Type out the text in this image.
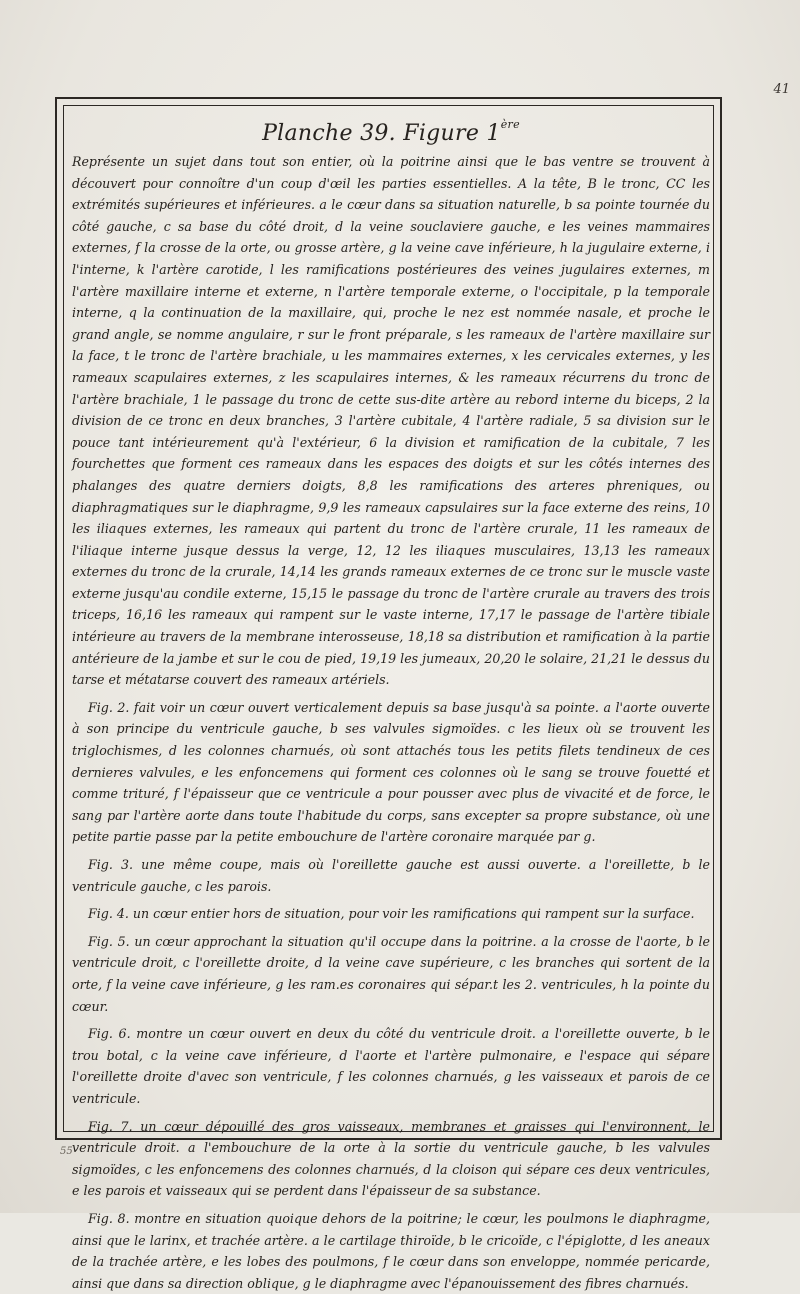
41
Planche 39. Figure 1ère

Représente un sujet dans tout son entier, où la poitrine ainsi que le bas ventre se trouvent à découvert pour connoître d'un coup d'œil les parties essentielles. A la tête, B le tronc, CC les extrémités supérieures et inférieures. a le cœur dans sa situation naturelle, b sa pointe tournée du côté gauche, c sa base du côté droit, d la veine souclaviere gauche, e les veines mammaires externes, f la crosse de la orte, ou grosse artère, g la veine cave inférieure, h la jugulaire externe, i l'interne, k l'artère carotide, l les ramifications postérieures des veines jugulaires externes, m l'artère maxillaire interne et externe, n l'artère temporale externe, o l'occipitale, p la temporale interne, q la continuation de la maxillaire, qui, proche le nez est nommée nasale, et proche le grand angle, se nomme angulaire, r sur le front préparale, s les rameaux de l'artère maxillaire sur la face, t le tronc de l'artère brachiale, u les mammaires externes, x les cervicales externes, y les rameaux scapulaires externes, z les scapulaires internes, & les rameaux récurrens du tronc de l'artère brachiale, 1 le passage du tronc de cette sus-dite artère au rebord interne du biceps, 2 la division de ce tronc en deux branches, 3 l'artère cubitale, 4 l'artère radiale, 5 sa division sur le pouce tant intérieurement qu'à l'extérieur, 6 la division et ramification de la cubitale, 7 les fourchettes que forment ces rameaux dans les espaces des doigts et sur les côtés internes des phalanges des quatre derniers doigts, 8,8 les ramifications des arteres phreniques, ou diaphragmatiques sur le diaphragme, 9,9 les rameaux capsulaires sur la face externe des reins, 10 les iliaques externes, les rameaux qui partent du tronc de l'artère crurale, 11 les rameaux de l'iliaque interne jusque dessus la verge, 12, 12 les iliaques musculaires, 13,13 les rameaux externes du tronc de la crurale, 14,14 les grands rameaux externes de ce tronc sur le muscle vaste externe jusqu'au condile externe, 15,15 le passage du tronc de l'artère crurale au travers des trois triceps, 16,16 les rameaux qui rampent sur le vaste interne, 17,17 le passage de l'artère tibiale intérieure au travers de la membrane interosseuse, 18,18 sa distribution et ramification à la partie antérieure de la jambe et sur le cou de pied, 19,19 les jumeaux, 20,20 le solaire, 21,21 le dessus du tarse et métatarse couvert des rameaux artériels.

Fig. 2. fait voir un cœur ouvert verticalement depuis sa base jusqu'à sa pointe. a l'aorte ouverte à son principe du ventricule gauche, b ses valvules sigmoïdes. c les lieux où se trouvent les triglochismes, d les colonnes charnués, où sont attachés tous les petits filets tendineux de ces dernieres valvules, e les enfoncemens qui forment ces colonnes où le sang se trouve fouetté et comme trituré, f l'épaisseur que ce ventricule a pour pousser avec plus de vivacité et de force, le sang par l'artère aorte dans toute l'habitude du corps, sans excepter sa propre substance, où une petite partie passe par la petite embouchure de l'artère coronaire marquée par g.

Fig. 3. une même coupe, mais où l'oreillette gauche est aussi ouverte. a l'oreillette, b le ventricule gauche, c les parois.

Fig. 4. un cœur entier hors de situation, pour voir les ramifications qui rampent sur la surface.

Fig. 5. un cœur approchant la situation qu'il occupe dans la poitrine. a la crosse de l'aorte, b le ventricule droit, c l'oreillette droite, d la veine cave supérieure, c les branches qui sortent de la orte, f la veine cave inférieure, g les ram.es coronaires qui sépar.t les 2. ventricules, h la pointe du cœur.

Fig. 6. montre un cœur ouvert en deux du côté du ventricule droit. a l'oreillette ouverte, b le trou botal, c la veine cave inférieure, d l'aorte et l'artère pulmonaire, e l'espace qui sépare l'oreillette droite d'avec son ventricule, f les colonnes charnués, g les vaisseaux et parois de ce ventricule.

Fig. 7. un cœur dépouillé des gros vaisseaux, membranes et graisses qui l'environnent, le ventricule droit. a l'embouchure de la orte à la sortie du ventricule gauche, b les valvules sigmoïdes, c les enfoncemens des colonnes charnués, d la cloison qui sépare ces deux ventricules, e les parois et vaisseaux qui se perdent dans l'épaisseur de sa substance.

Fig. 8. montre en situation quoique dehors de la poitrine; le cœur, les poulmons le diaphragme, ainsi que le larinx, et trachée artère. a le cartilage thiroïde, b le cricoïde, c l'épiglotte, d les aneaux de la trachée artère, e les lobes des poulmons, f le cœur dans son enveloppe, nommée pericarde, ainsi que dans sa direction oblique, g le diaphragme avec l'épanouissement des fibres charnués.

55
